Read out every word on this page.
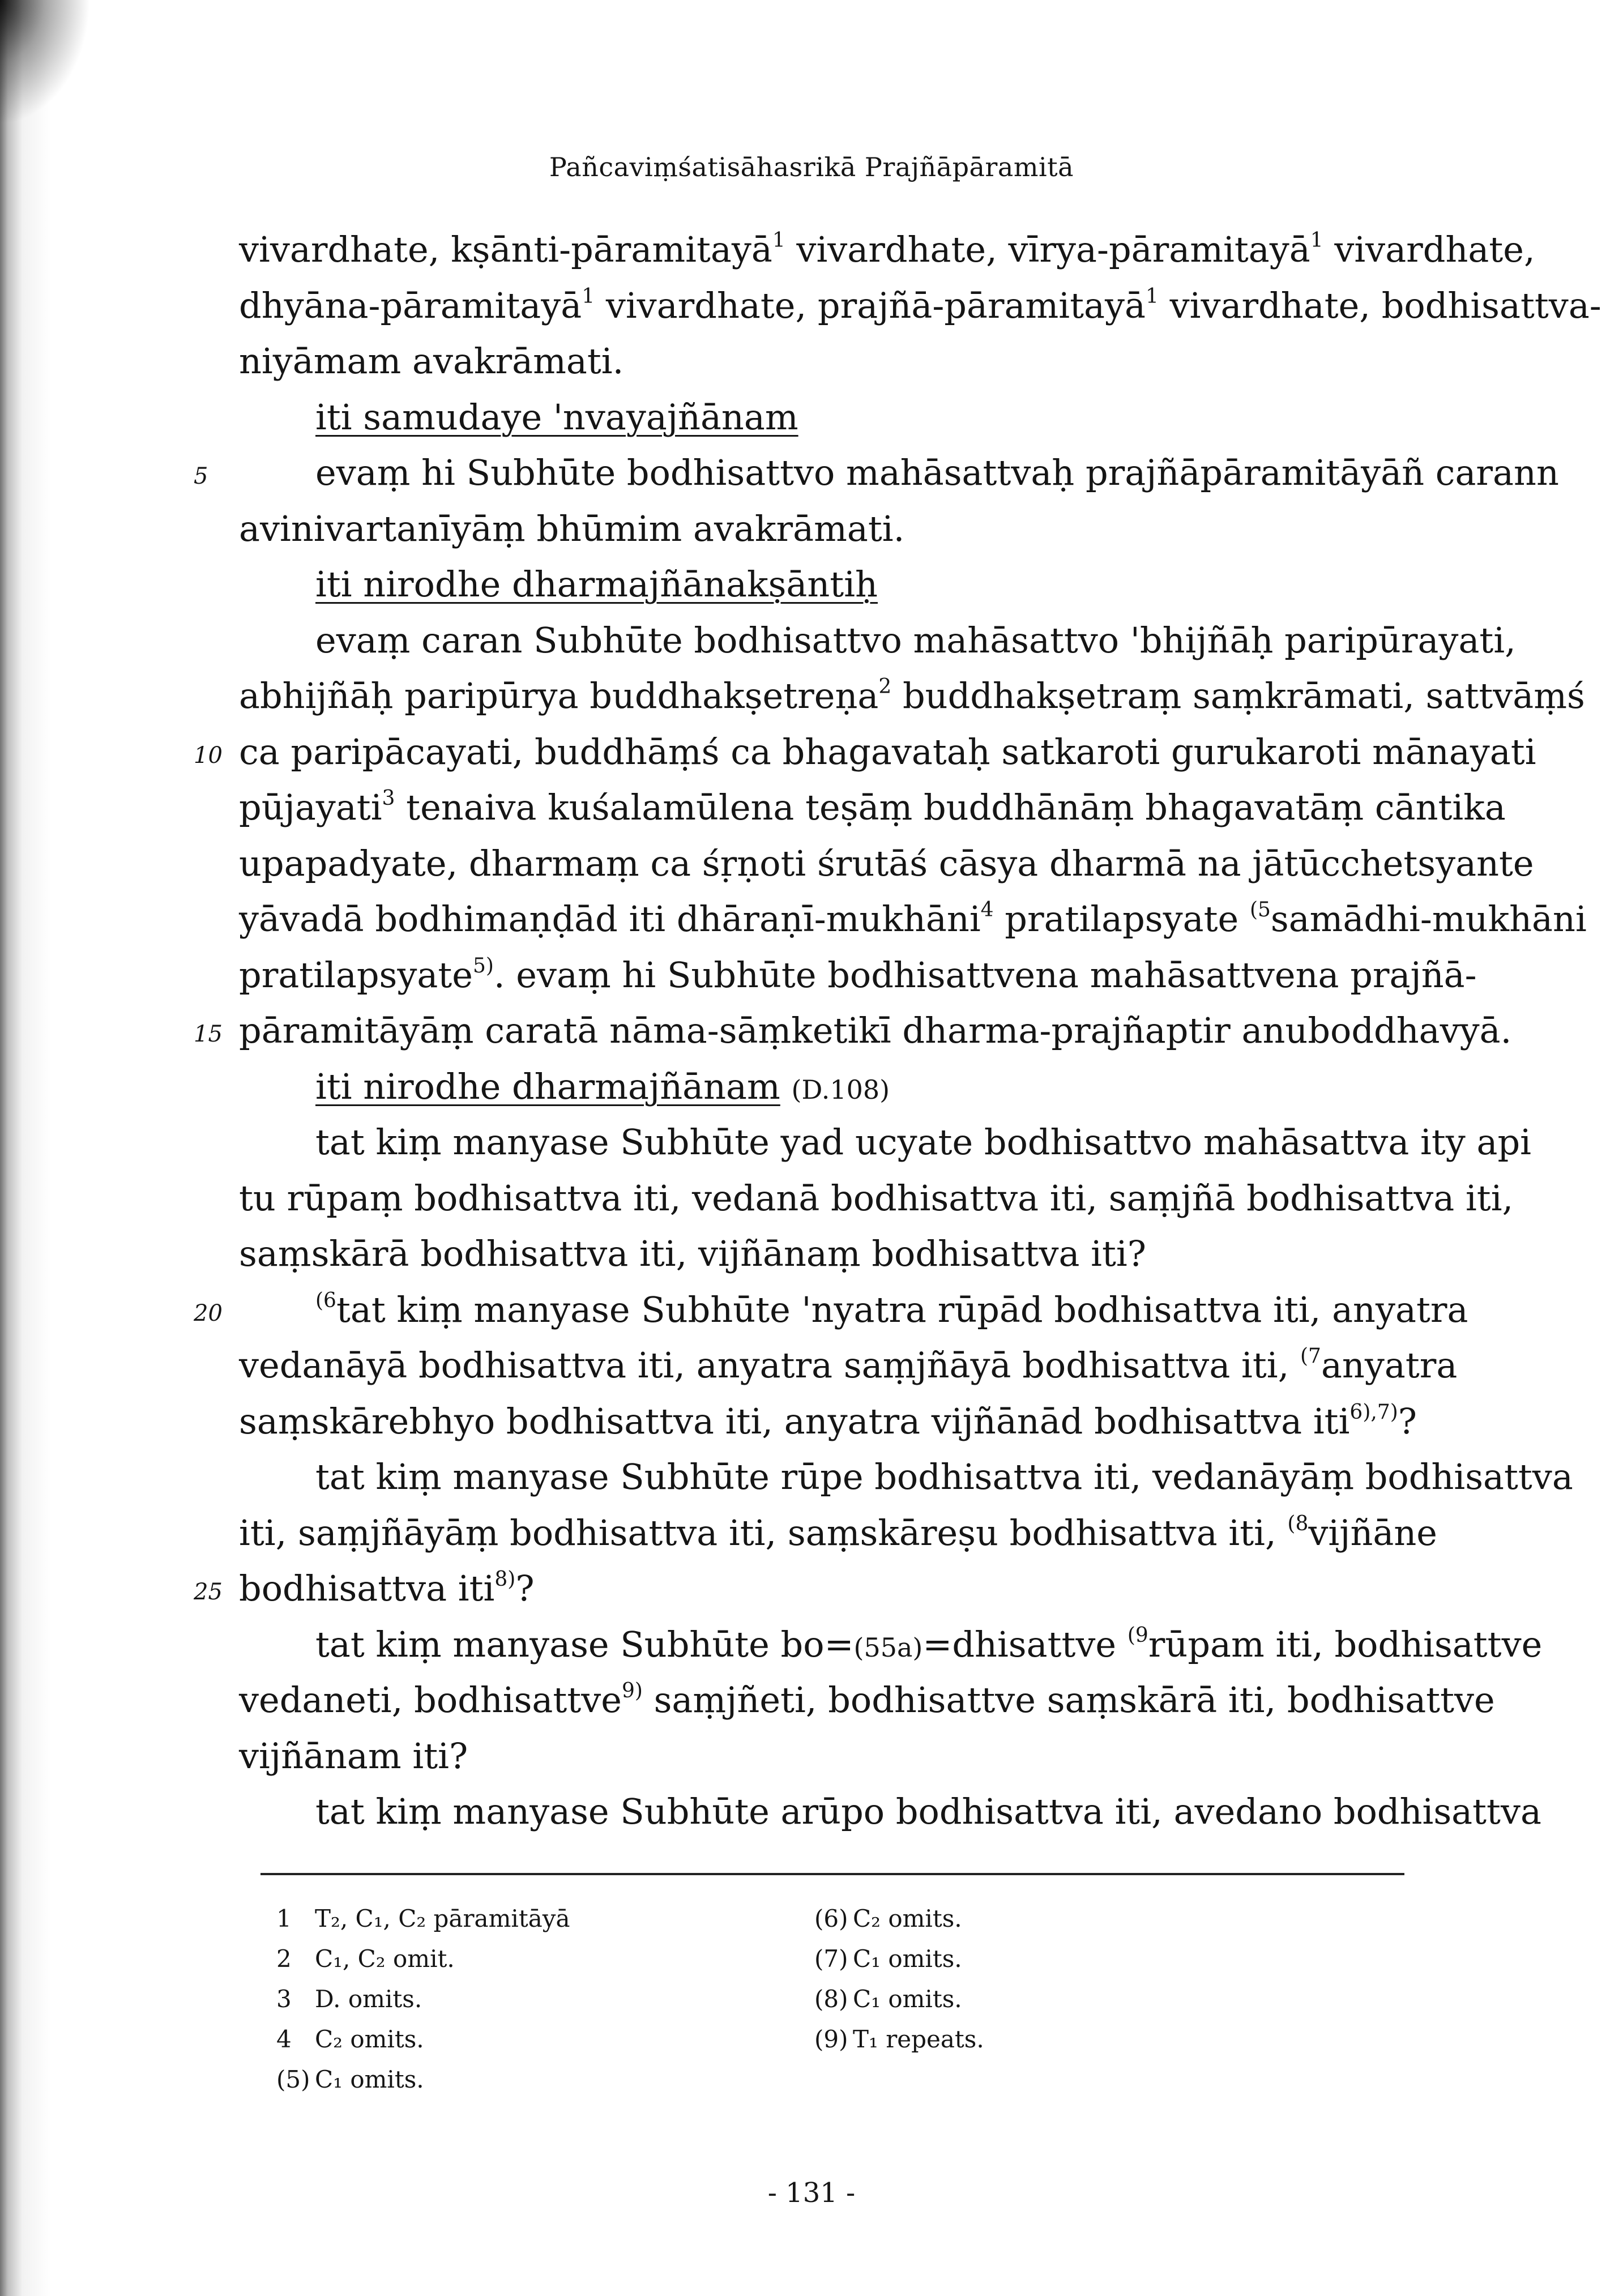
Pañcaviṃśatisāhasrikā Prajñāpāramitā
vivardhate, kṣānti-pāramitayā$^1$ vivardhate, vīrya-pāramitayā$^1$ vivardhate,
dhyāna-pāramitayā$^1$ vivardhate, prajñā-pāramitayā$^1$ vivardhate, bodhisattva-
niyāmam avakrāmati.
iti samudaye 'nvayajñānam
5	evaṃ hi Subhūte bodhisattvo mahāsattvaḥ prajñāpāramitāyāñ carann
avinivartanīyāṃ bhūmim avakrāmati.
iti nirodhe dharmajñānakṣāntiḥ
evaṃ caran Subhūte bodhisattvo mahāsattvo 'bhijñāḥ paripūrayati,
abhijñāḥ paripūrya buddhakṣetreṇa$^2$ buddhakṣetraṃ saṃkrāmati, sattvāṃś
10 ca paripācayati, buddhāṃś ca bhagavataḥ satkaroti gurukaroti mānayati
pūjayati$^3$ tenaiva kuśalamūlena teṣāṃ buddhānāṃ bhagavatāṃ cāntika
upapadyate, dharmaṃ ca śṛṇoti śrutāś cāsya dharmā na jātūcchetsyante
yāvadā bodhimaṇḍād iti dhāraṇī-mukhāni$^4$ pratilapsyate $^{(5}$samādhi-mukhāni
pratilapsyate$^{5)}$. evaṃ hi Subhūte bodhisattvena mahāsattvena prajñā-
15 pāramitāyāṃ caratā nāma-sāṃketikī dharma-prajñaptir anuboddhavyā.
iti nirodhe dharmajñānam (D.108)
tat kiṃ manyase Subhūte yad ucyate bodhisattvo mahāsattva ity api
tu rūpaṃ bodhisattva iti, vedanā bodhisattva iti, saṃjñā bodhisattva iti,
saṃskārā bodhisattva iti, vijñānaṃ bodhisattva iti?
20	$^{(6}$tat kiṃ manyase Subhūte 'nyatra rūpād bodhisattva iti, anyatra
vedanāyā bodhisattva iti, anyatra saṃjñāyā bodhisattva iti, $^{(7}$anyatra
saṃskārebhyo bodhisattva iti, anyatra vijñānād bodhisattva iti$^{6),7)}$?
tat kiṃ manyase Subhūte rūpe bodhisattva iti, vedanāyāṃ bodhisattva
iti, saṃjñāyāṃ bodhisattva iti, saṃskāreṣu bodhisattva iti, $^{(8}$vijñāne
25 bodhisattva iti$^{8)}$?
tat kiṃ manyase Subhūte bo=(55a)=dhisattve $^{(9}$rūpam iti, bodhisattve
vedaneti, bodhisattve$^{9)}$ saṃjñeti, bodhisattve saṃskārā iti, bodhisattve
vijñānam iti?
tat kiṃ manyase Subhūte arūpo bodhisattva iti, avedano bodhisattva
1 T₂, C₁, C₂ pāramitāyā
2 C₁, C₂ omit.
3 D. omits.
4 C₂ omits.
(5) C₁ omits.
(6) C₂ omits.
(7) C₁ omits.
(8) C₁ omits.
(9) T₁ repeats.
- 131 -
